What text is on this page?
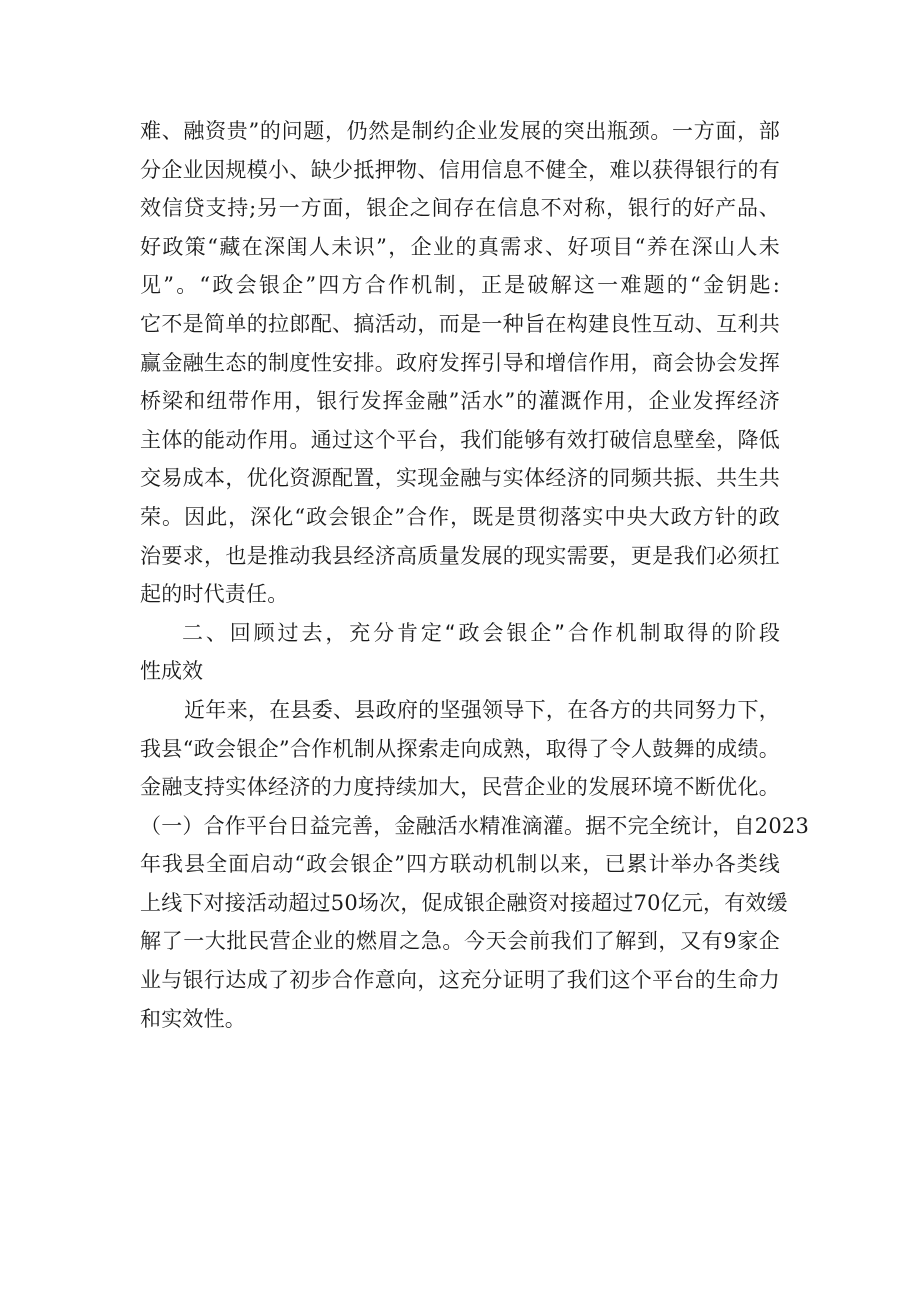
难、融资贵”的问题，仍然是制约企业发展的突出瓶颈。一方面，部
分企业因规模小、缺少抵押物、信用信息不健全，难以获得银行的有
效信贷支持;另一方面，银企之间存在信息不对称，银行的好产品、
好政策“藏在深闺人未识”，企业的真需求、好项目“养在深山人未
见”。“政会银企”四方合作机制，正是破解这一难题的“金钥匙:
它不是简单的拉郎配、搞活动，而是一种旨在构建良性互动、互利共
赢金融生态的制度性安排。政府发挥引导和增信作用，商会协会发挥
桥梁和纽带作用，银行发挥金融”活水”的灌溉作用，企业发挥经济
主体的能动作用。通过这个平台，我们能够有效打破信息壁垒，降低
交易成本，优化资源配置，实现金融与实体经济的同频共振、共生共
荣。因此，深化“政会银企”合作，既是贯彻落实中央大政方针的政
治要求，也是推动我县经济高质量发展的现实需要，更是我们必须扛
起的时代责任。
二、回顾过去，充分肯定“政会银企”合作机制取得的阶段
性成效
近年来，在县委、县政府的坚强领导下，在各方的共同努力下，
我县“政会银企”合作机制从探索走向成熟，取得了令人鼓舞的成绩。
金融支持实体经济的力度持续加大，民营企业的发展环境不断优化。
（一）合作平台日益完善，金融活水精准滴灌。据不完全统计，自2023
年我县全面启动“政会银企”四方联动机制以来，已累计举办各类线
上线下对接活动超过50场次，促成银企融资对接超过70亿元，有效缓
解了一大批民营企业的燃眉之急。今天会前我们了解到，又有9家企
业与银行达成了初步合作意向，这充分证明了我们这个平台的生命力
和实效性。
